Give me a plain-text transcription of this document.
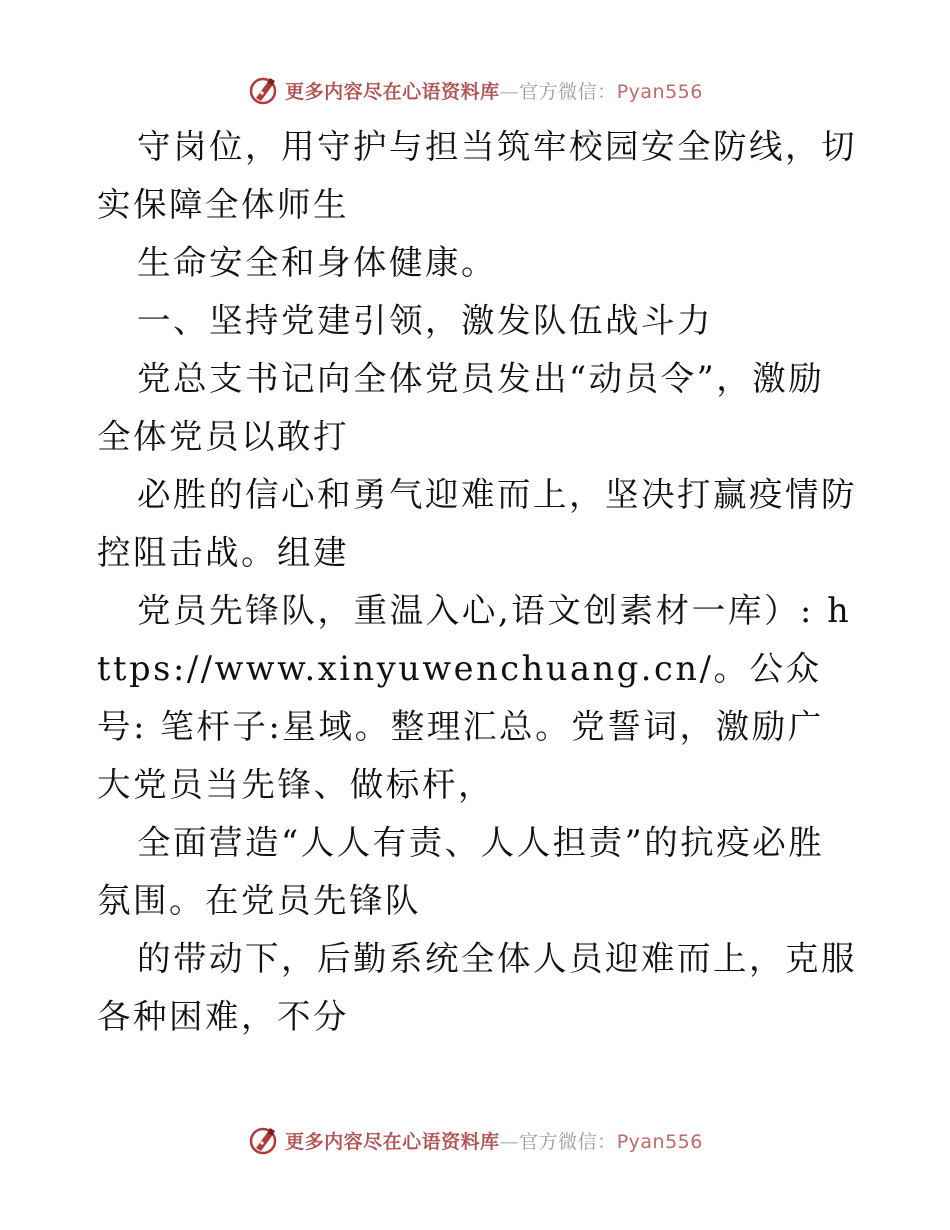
更多内容尽在心语资料库—官方微信：Pyan556

守岗位，用守护与担当筑牢校园安全防线，切实保障全体师生

生命安全和身体健康。

一、坚持党建引领，激发队伍战斗力

党总支书记向全体党员发出“动员令”，激励全体党员以敢打

必胜的信心和勇气迎难而上，坚决打赢疫情防控阻击战。组建

党员先锋队，重温入心,语文创素材一库）: https://www.xinyuwenchuang.cn/。公众号: 笔杆子:星域。整理汇总。党誓词，激励广大党员当先锋、做标杆，

全面营造“人人有责、人人担责”的抗疫必胜氛围。在党员先锋队

的带动下，后勤系统全体人员迎难而上，克服各种困难，不分

更多内容尽在心语资料库—官方微信：Pyan556
